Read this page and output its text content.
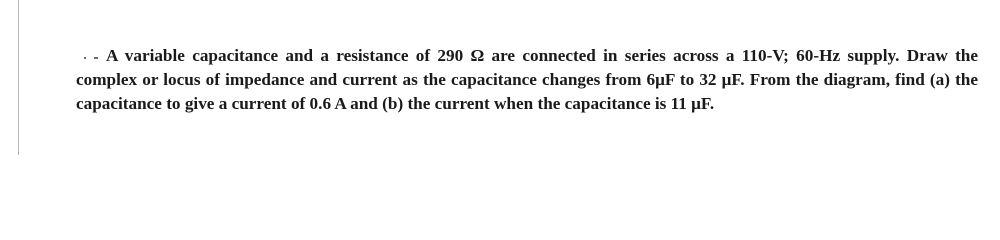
A variable capacitance and a resistance of 290 Ω are connected in series across a 110-V; 60-Hz supply. Draw the complex or locus of impedance and current as the capacitance changes from 6μF to 32 μF. From the diagram, find (a) the capacitance to give a current of 0.6 A and (b) the current when the capacitance is 11 μF.
